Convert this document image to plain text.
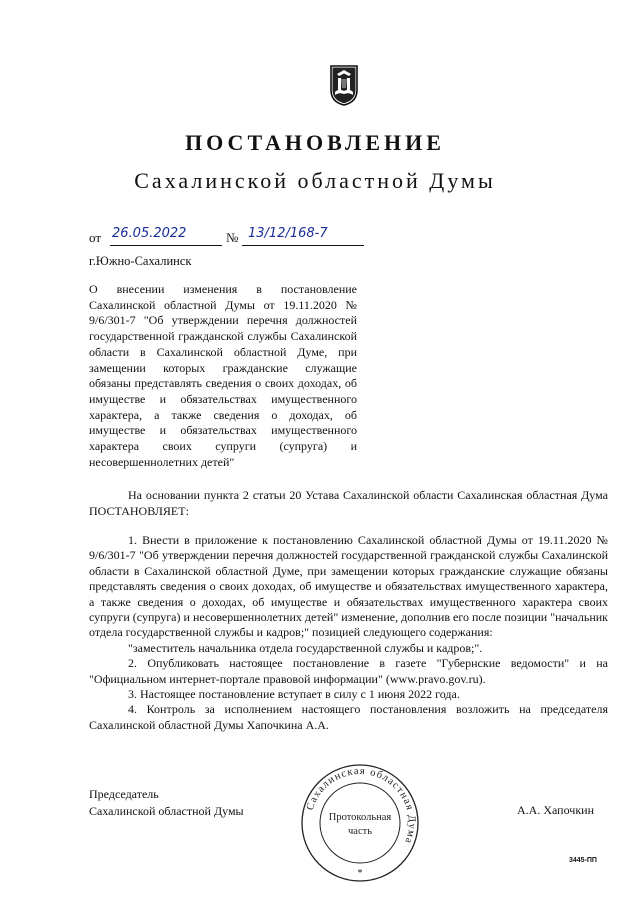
ПОСТАНОВЛЕНИЕ
Сахалинской областной Думы
от 26.05.2022	№ 13/12/168-7
г.Южно-Сахалинск
О внесении изменения в постановление Сахалинской областной Думы от 19.11.2020 № 9/6/301-7 "Об утверждении перечня должностей государственной гражданской службы Сахалинской области в Сахалинской областной Думе, при замещении которых гражданские служащие обязаны представлять сведения о своих доходах, об имуществе и обязательствах имущественного характера, а также сведения о доходах, об имуществе и обязательствах имущественного характера своих супруги (супруга) и несовершеннолетних детей"
На основании пункта 2 статьи 20 Устава Сахалинской области Сахалинская областная Дума ПОСТАНОВЛЯЕТ:

1. Внести в приложение к постановлению Сахалинской областной Думы от 19.11.2020 № 9/6/301-7 "Об утверждении перечня должностей государственной гражданской службы Сахалинской области в Сахалинской областной Думе, при замещении которых гражданские служащие обязаны представлять сведения о своих доходах, об имуществе и обязательствах имущественного характера, а также сведения о доходах, об имуществе и обязательствах имущественного характера своих супруги (супруга) и несовершеннолетних детей" изменение, дополнив его после позиции "начальник отдела государственной службы и кадров;" позицией следующего содержания:

"заместитель начальника отдела государственной службы и кадров;".

2. Опубликовать настоящее постановление в газете "Губернские ведомости" и на "Официальном интернет-портале правовой информации" (www.pravo.gov.ru).

3. Настоящее постановление вступает в силу с 1 июня 2022 года.

4. Контроль за исполнением настоящего постановления возложить на председателя Сахалинской областной Думы Хапочкина А.А.

Председатель
Сахалинской областной Думы	А.А. Хапочкин
Сахалинская областная Дума
Протокольная
часть
*
3445-ПП
